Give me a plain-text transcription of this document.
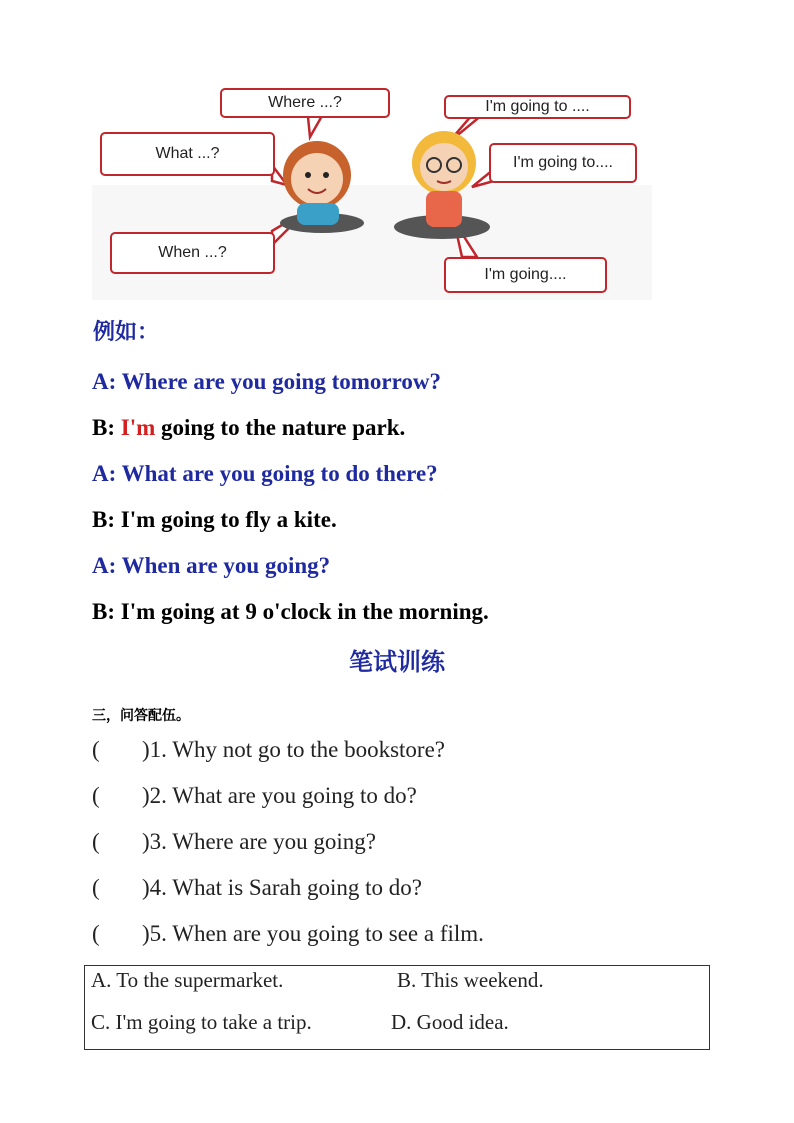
Where ...?
What ...?
When ...?
I'm going to ....
I'm going to....
I'm going....
例如：
A: Where are you going tomorrow?
B: I'm going to the nature park.
A: What are you going to do there?
B: I'm going to fly a kite.
A: When are you going?
B: I'm going at 9 o'clock in the morning.
笔试训练
三，问答配伍。
( )1. Why not go to the bookstore?
( )2. What are you going to do?
( )3. Where are you going?
( )4. What is Sarah going to do?
( )5. When are you going to see a film.
A. To the supermarket.	B. This weekend.
C. I'm going to take a trip.	D. Good idea.
